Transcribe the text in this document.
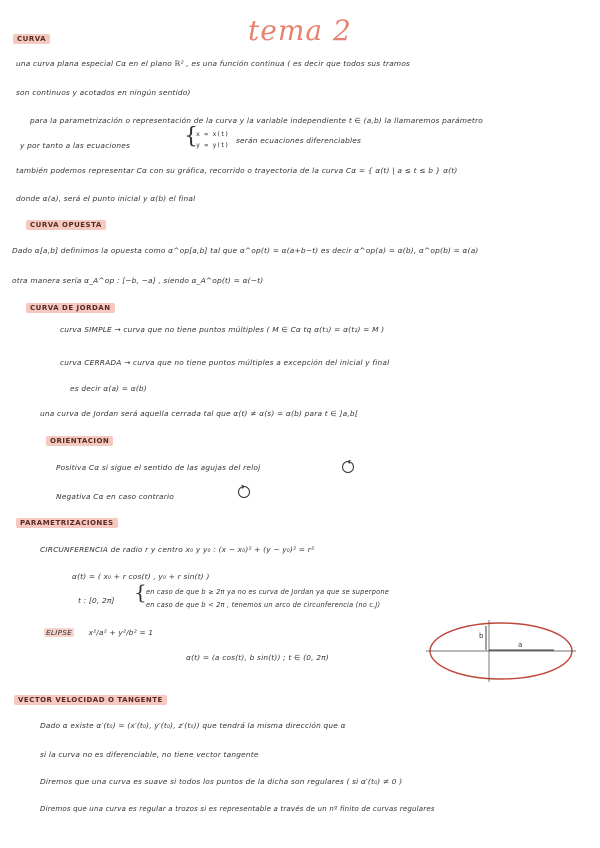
tema 2
CURVA
una curva plana especial Cα en el plano ℝ² , es una función continua ( es decir que todos sus tramos
son continuos y acotados en ningún sentido)
para la parametrización o representación de la curva y la variable independiente t ∈ (a,b) la llamaremos parámetro
y por tanto a las ecuaciones {
x = x(t)
y = y(t) serán ecuaciones diferenciables
también podemos representar Cα con su gráfica, recorrido o trayectoria de la curva Cα = { α(t) | a ≤ t ≤ b } α(t)
donde α(a), será el punto inicial y α(b) el final
CURVA OPUESTA
Dado α[a,b] definimos la opuesta como α^op[a,b] tal que α^op(t) = α(a+b−t) es decir α^op(a) = α(b), α^op(b) = α(a)
otra manera sería α_A^op : [−b, −a] , siendo α_A^op(t) = α(−t)
CURVA DE JORDAN
curva SIMPLE → curva que no tiene puntos múltiples ( M ∈ Cα tq α(t₁) = α(t₂) = M )
curva CERRADA → curva que no tiene puntos múltiples a excepción del inicial y final
es decir α(a) = α(b)
una curva de Jordan será aquella cerrada tal que α(t) ≠ α(s) = α(b) para t ∈ ]a,b[
ORIENTACION
Positiva Cα si sigue el sentido de las agujas del reloj
Negativa Cα en caso contrario
PARAMETRIZACIONES
CIRCUNFERENCIA de radio r y centro x₀ y y₀ : (x − x₀)² + (y − y₀)² = r²
α(t) = ( x₀ + r cos(t) , y₀ + r sin(t) )
t : [0, 2π] { en caso de que b ≥ 2π ya no es curva de Jordan ya que se superpone
en caso de que b < 2π , tenemos un arco de circunferencia (no c.J)
ELIPSE x²/a² + y²/b² = 1
α(t) = (a cos(t), b sin(t)) ; t ∈ (0, 2π)
a
b
VECTOR VELOCIDAD O TANGENTE
Dado α existe α′(t₀) = (x′(t₀), y′(t₀), z′(t₀)) que tendrá la misma dirección que α
si la curva no es diferenciable, no tiene vector tangente
Diremos que una curva es suave si todos los puntos de la dicha son regulares ( si α′(t₀) ≠ 0 )
Diremos que una curva es regular a trozos si es representable a través de un nº finito de curvas regulares
